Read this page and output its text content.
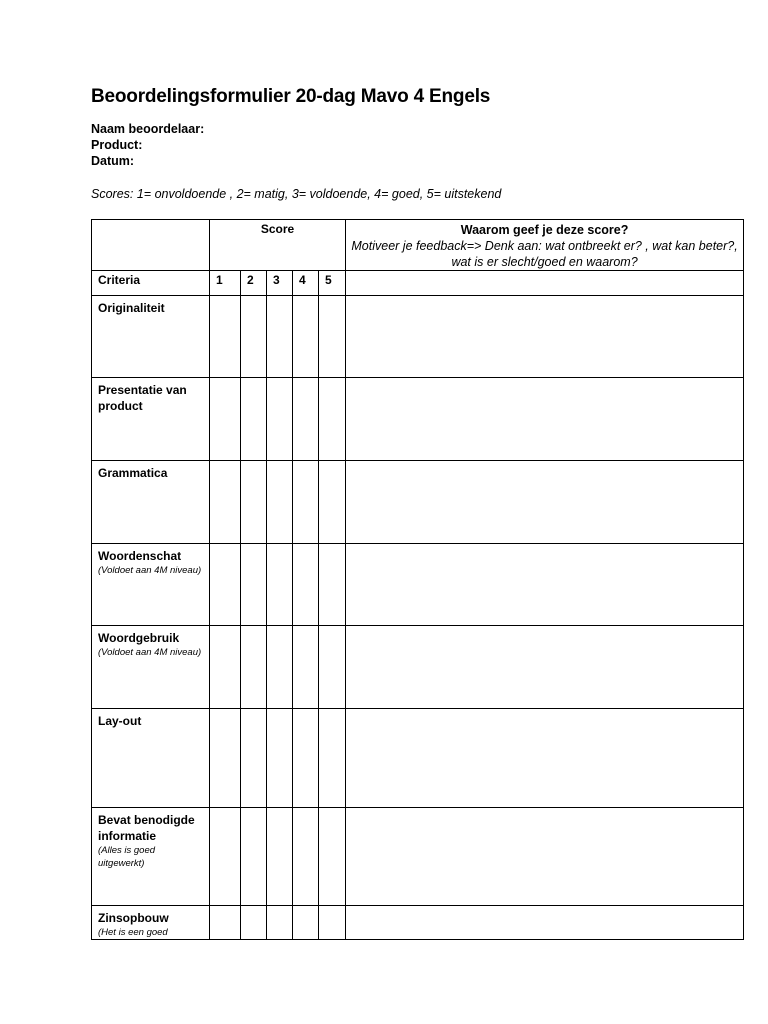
Beoordelingsformulier 20-dag Mavo 4 Engels
Naam beoordelaar:
Product:
Datum:
Scores: 1= onvoldoende , 2= matig, 3= voldoende, 4= goed, 5= uitstekend
	Score					Waarom geef je deze score?
Motiveer je feedback=> Denk aan: wat ontbreekt er? , wat kan beter?, wat is er slecht/goed en waarom?

Criteria	1	2	3	4	5	

Originaliteit						

Presentatie van product						

Grammatica						

Woordenschat
(Voldoet aan 4M niveau)						

Woordgebruik
(Voldoet aan 4M niveau)						

Lay-out						

Bevat benodigde informatie
(Alles is goed uitgewerkt)						

Zinsopbouw
(Het is een goed						
